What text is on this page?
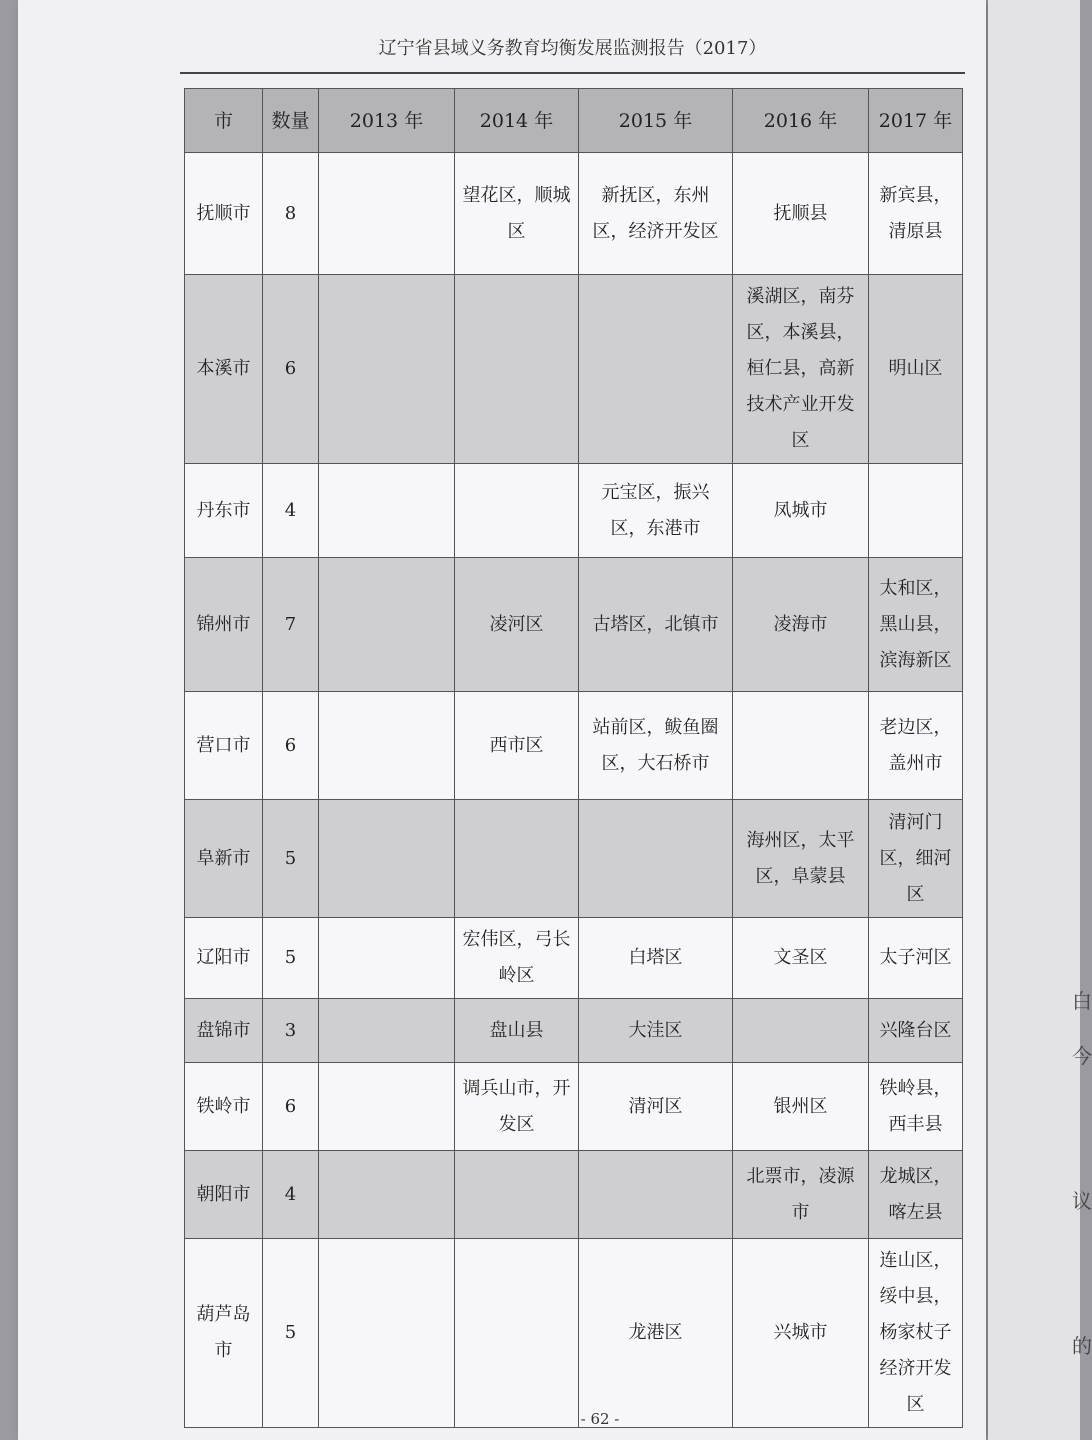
白
今
议
的
辽宁省县域义务教育均衡发展监测报告（2017）
市	数量	2013 年	2014 年	2015 年	2016 年	2017 年
抚顺市	8		望花区，顺城区	新抚区，东州区，经济开发区	抚顺县	新宾县，清原县
本溪市	6				溪湖区，南芬区，本溪县，桓仁县，高新技术产业开发区	明山区
丹东市	4			元宝区，振兴区，东港市	凤城市	
锦州市	7		凌河区	古塔区，北镇市	凌海市	太和区，黑山县，滨海新区
营口市	6		西市区	站前区，鲅鱼圈区，大石桥市		老边区，盖州市
阜新市	5				海州区，太平区，阜蒙县	清河门区，细河区
辽阳市	5		宏伟区，弓长岭区	白塔区	文圣区	太子河区
盘锦市	3		盘山县	大洼区		兴隆台区
铁岭市	6		调兵山市，开发区	清河区	银州区	铁岭县，西丰县
朝阳市	4				北票市，凌源市	龙城区，喀左县
葫芦岛市	5			龙港区	兴城市	连山区，绥中县，杨家杖子经济开发区
- 62 -
